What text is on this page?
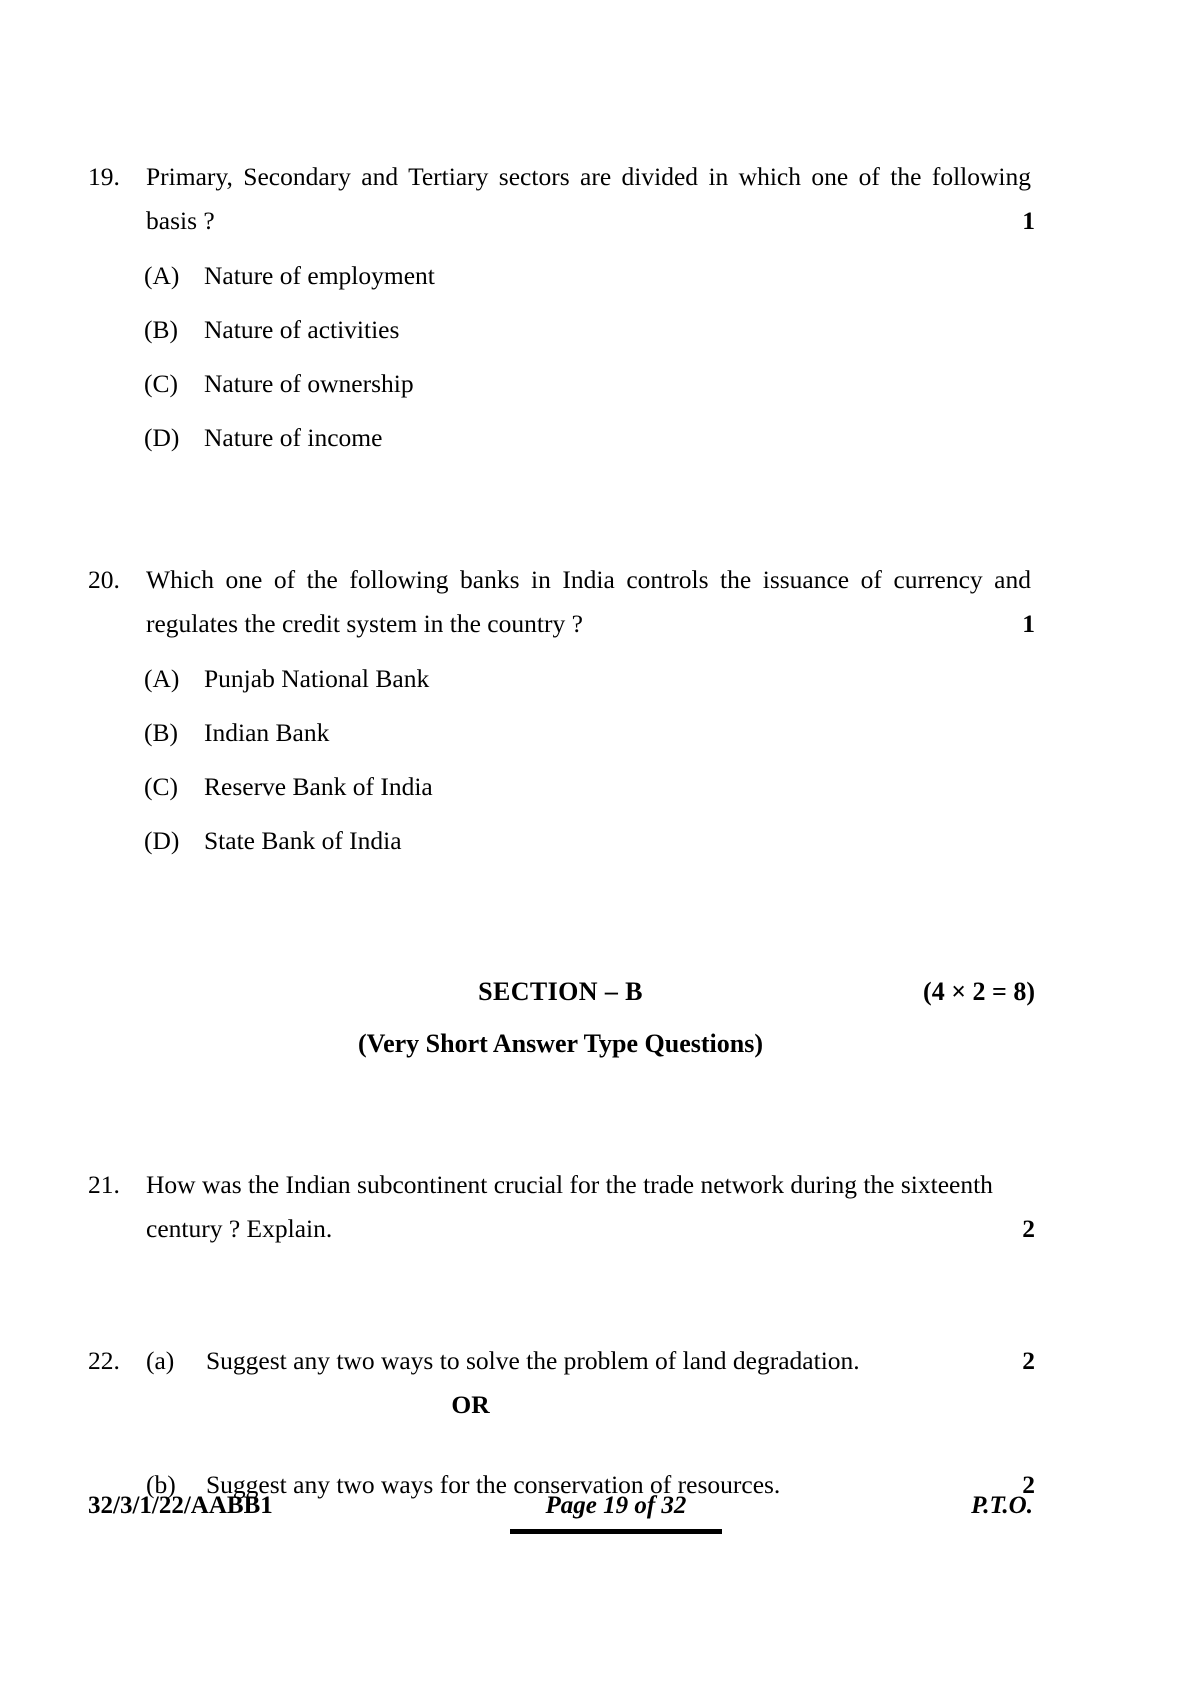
19.	Primary, Secondary and Tertiary sectors are divided in which one of the following basis ?	1
(A) Nature of employment
(B)	Nature of activities
(C)	Nature of ownership
(D) Nature of income
20.	Which one of the following banks in India controls the issuance of currency and regulates the credit system in the country ?	1
(A) Punjab National Bank
(B)	Indian Bank
(C)	Reserve Bank of India
(D) State Bank of India
SECTION – B	(4 × 2 = 8)
(Very Short Answer Type Questions)
21.	How was the Indian subcontinent crucial for the trade network during the sixteenth century ? Explain.	2
22.	(a)	Suggest any two ways to solve the problem of land degradation.	2
OR
(b)	Suggest any two ways for the conservation of resources.	2
32/3/1/22/AABB1	Page 19 of 32	P.T.O.
